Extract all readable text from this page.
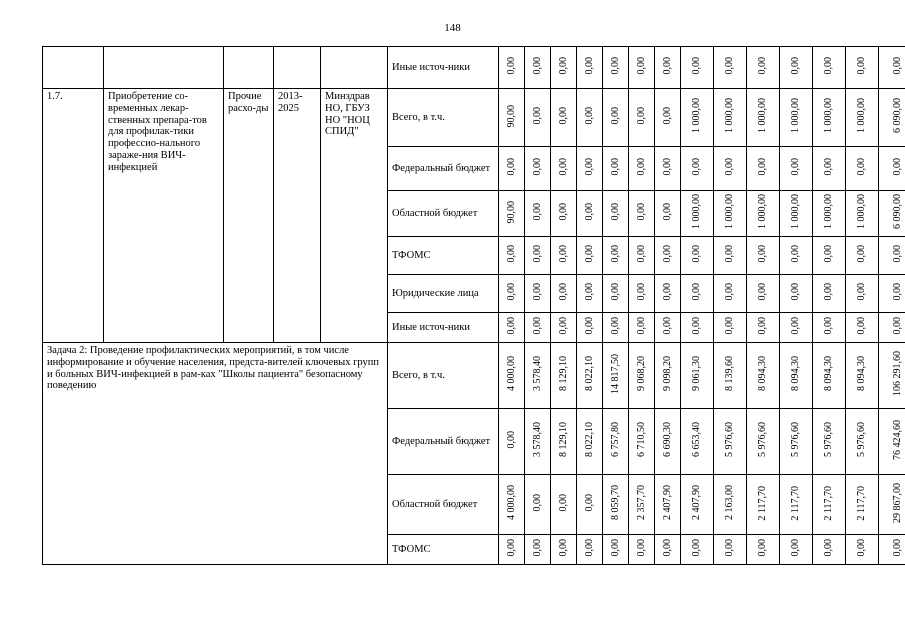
148
					Иные источ-ники	0,00	0,00	0,00	0,00	0,00	0,00	0,00	0,00	0,00	0,00	0,00	0,00	0,00	0,00
1.7.	Приобретение со-временных лекар-ственных препара-тов для профилак-тики профессио-нального зараже-ния ВИЧ-инфекцией	Прочие расхо-ды	2013-2025	Минздрав НО, ГБУЗ НО "НОЦ СПИД"	Всего, в т.ч.	90,00	0,00	0,00	0,00	0,00	0,00	0,00	1 000,00	1 000,00	1 000,00	1 000,00	1 000,00	1 000,00	6 090,00
					Федеральный бюджет	0,00	0,00	0,00	0,00	0,00	0,00	0,00	0,00	0,00	0,00	0,00	0,00	0,00	0,00
					Областной бюджет	90,00	0,00	0,00	0,00	0,00	0,00	0,00	1 000,00	1 000,00	1 000,00	1 000,00	1 000,00	1 000,00	6 090,00
					ТФОМС	0,00	0,00	0,00	0,00	0,00	0,00	0,00	0,00	0,00	0,00	0,00	0,00	0,00	0,00
					Юридические лица	0,00	0,00	0,00	0,00	0,00	0,00	0,00	0,00	0,00	0,00	0,00	0,00	0,00	0,00
					Иные источ-ники	0,00	0,00	0,00	0,00	0,00	0,00	0,00	0,00	0,00	0,00	0,00	0,00	0,00	0,00
Задача 2: Проведение профилактических мероприятий, в том числе информирование и обучение населения, предста-вителей ключевых групп и больных ВИЧ-инфекцией в рам-ках "Школы пациента" безопасному поведению					Всего, в т.ч.	4 000,00	3 578,40	8 129,10	8 022,10	14 817,50	9 068,20	9 098,20	9 061,30	8 139,60	8 094,30	8 094,30	8 094,30	8 094,30	106 291,60
					Федеральный бюджет	0,00	3 578,40	8 129,10	8 022,10	6 757,80	6 710,50	6 690,30	6 653,40	5 976,60	5 976,60	5 976,60	5 976,60	5 976,60	76 424,60
					Областной бюджет	4 000,00	0,00	0,00	0,00	8 059,70	2 357,70	2 407,90	2 407,90	2 163,00	2 117,70	2 117,70	2 117,70	2 117,70	29 867,00
					ТФОМС	0,00	0,00	0,00	0,00	0,00	0,00	0,00	0,00	0,00	0,00	0,00	0,00	0,00	0,00
